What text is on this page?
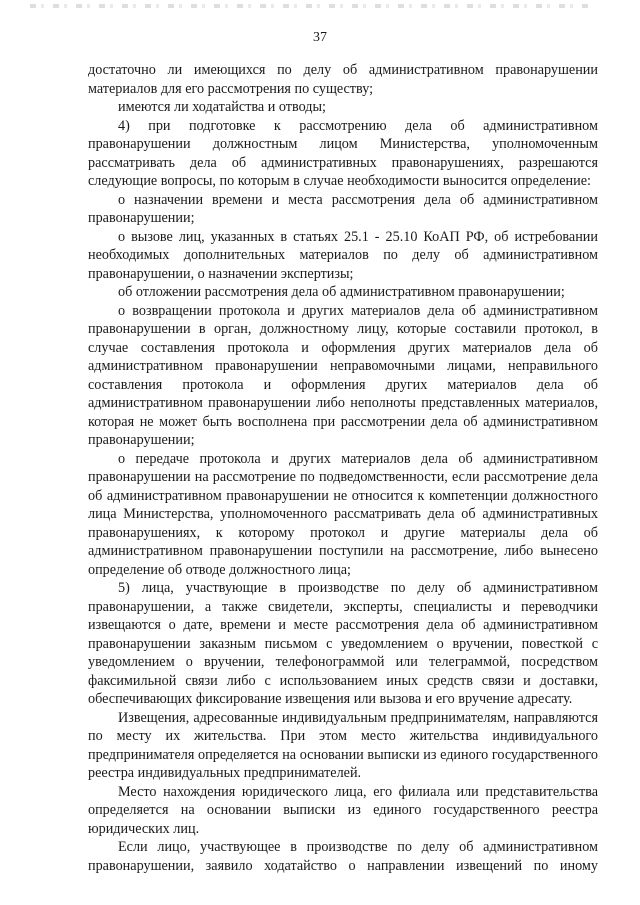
37

достаточно ли имеющихся по делу об административном правонарушении материалов для его рассмотрения по существу;

имеются ли ходатайства и отводы;

4) при подготовке к рассмотрению дела об административном правонарушении должностным лицом Министерства, уполномоченным рассматривать дела об административных правонарушениях, разрешаются следующие вопросы, по которым в случае необходимости выносится определение:

о назначении времени и места рассмотрения дела об административном правонарушении;

о вызове лиц, указанных в статьях 25.1 - 25.10 КоАП РФ, об истребовании необходимых дополнительных материалов по делу об административном правонарушении, о назначении экспертизы;

об отложении рассмотрения дела об административном правонарушении;

о возвращении протокола и других материалов дела об административном правонарушении в орган, должностному лицу, которые составили протокол, в случае составления протокола и оформления других материалов дела об административном правонарушении неправомочными лицами, неправильного составления протокола и оформления других материалов дела об административном правонарушении либо неполноты представленных материалов, которая не может быть восполнена при рассмотрении дела об административном правонарушении;

о передаче протокола и других материалов дела об административном правонарушении на рассмотрение по подведомственности, если рассмотрение дела об административном правонарушении не относится к компетенции должностного лица Министерства, уполномоченного рассматривать дела об административных правонарушениях, к которому протокол и другие материалы дела об административном правонарушении поступили на рассмотрение, либо вынесено определение об отводе должностного лица;

5) лица, участвующие в производстве по делу об административном правонарушении, а также свидетели, эксперты, специалисты и переводчики извещаются о дате, времени и месте рассмотрения дела об административном правонарушении заказным письмом с уведомлением о вручении, повесткой с уведомлением о вручении, телефонограммой или телеграммой, посредством факсимильной связи либо с использованием иных средств связи и доставки, обеспечивающих фиксирование извещения или вызова и его вручение адресату.

Извещения, адресованные индивидуальным предпринимателям, направляются по месту их жительства. При этом место жительства индивидуального предпринимателя определяется на основании выписки из единого государственного реестра индивидуальных предпринимателей.

Место нахождения юридического лица, его филиала или представительства определяется на основании выписки из единого государственного реестра юридических лиц.

Если лицо, участвующее в производстве по делу об административном правонарушении, заявило ходатайство о направлении извещений по иному
